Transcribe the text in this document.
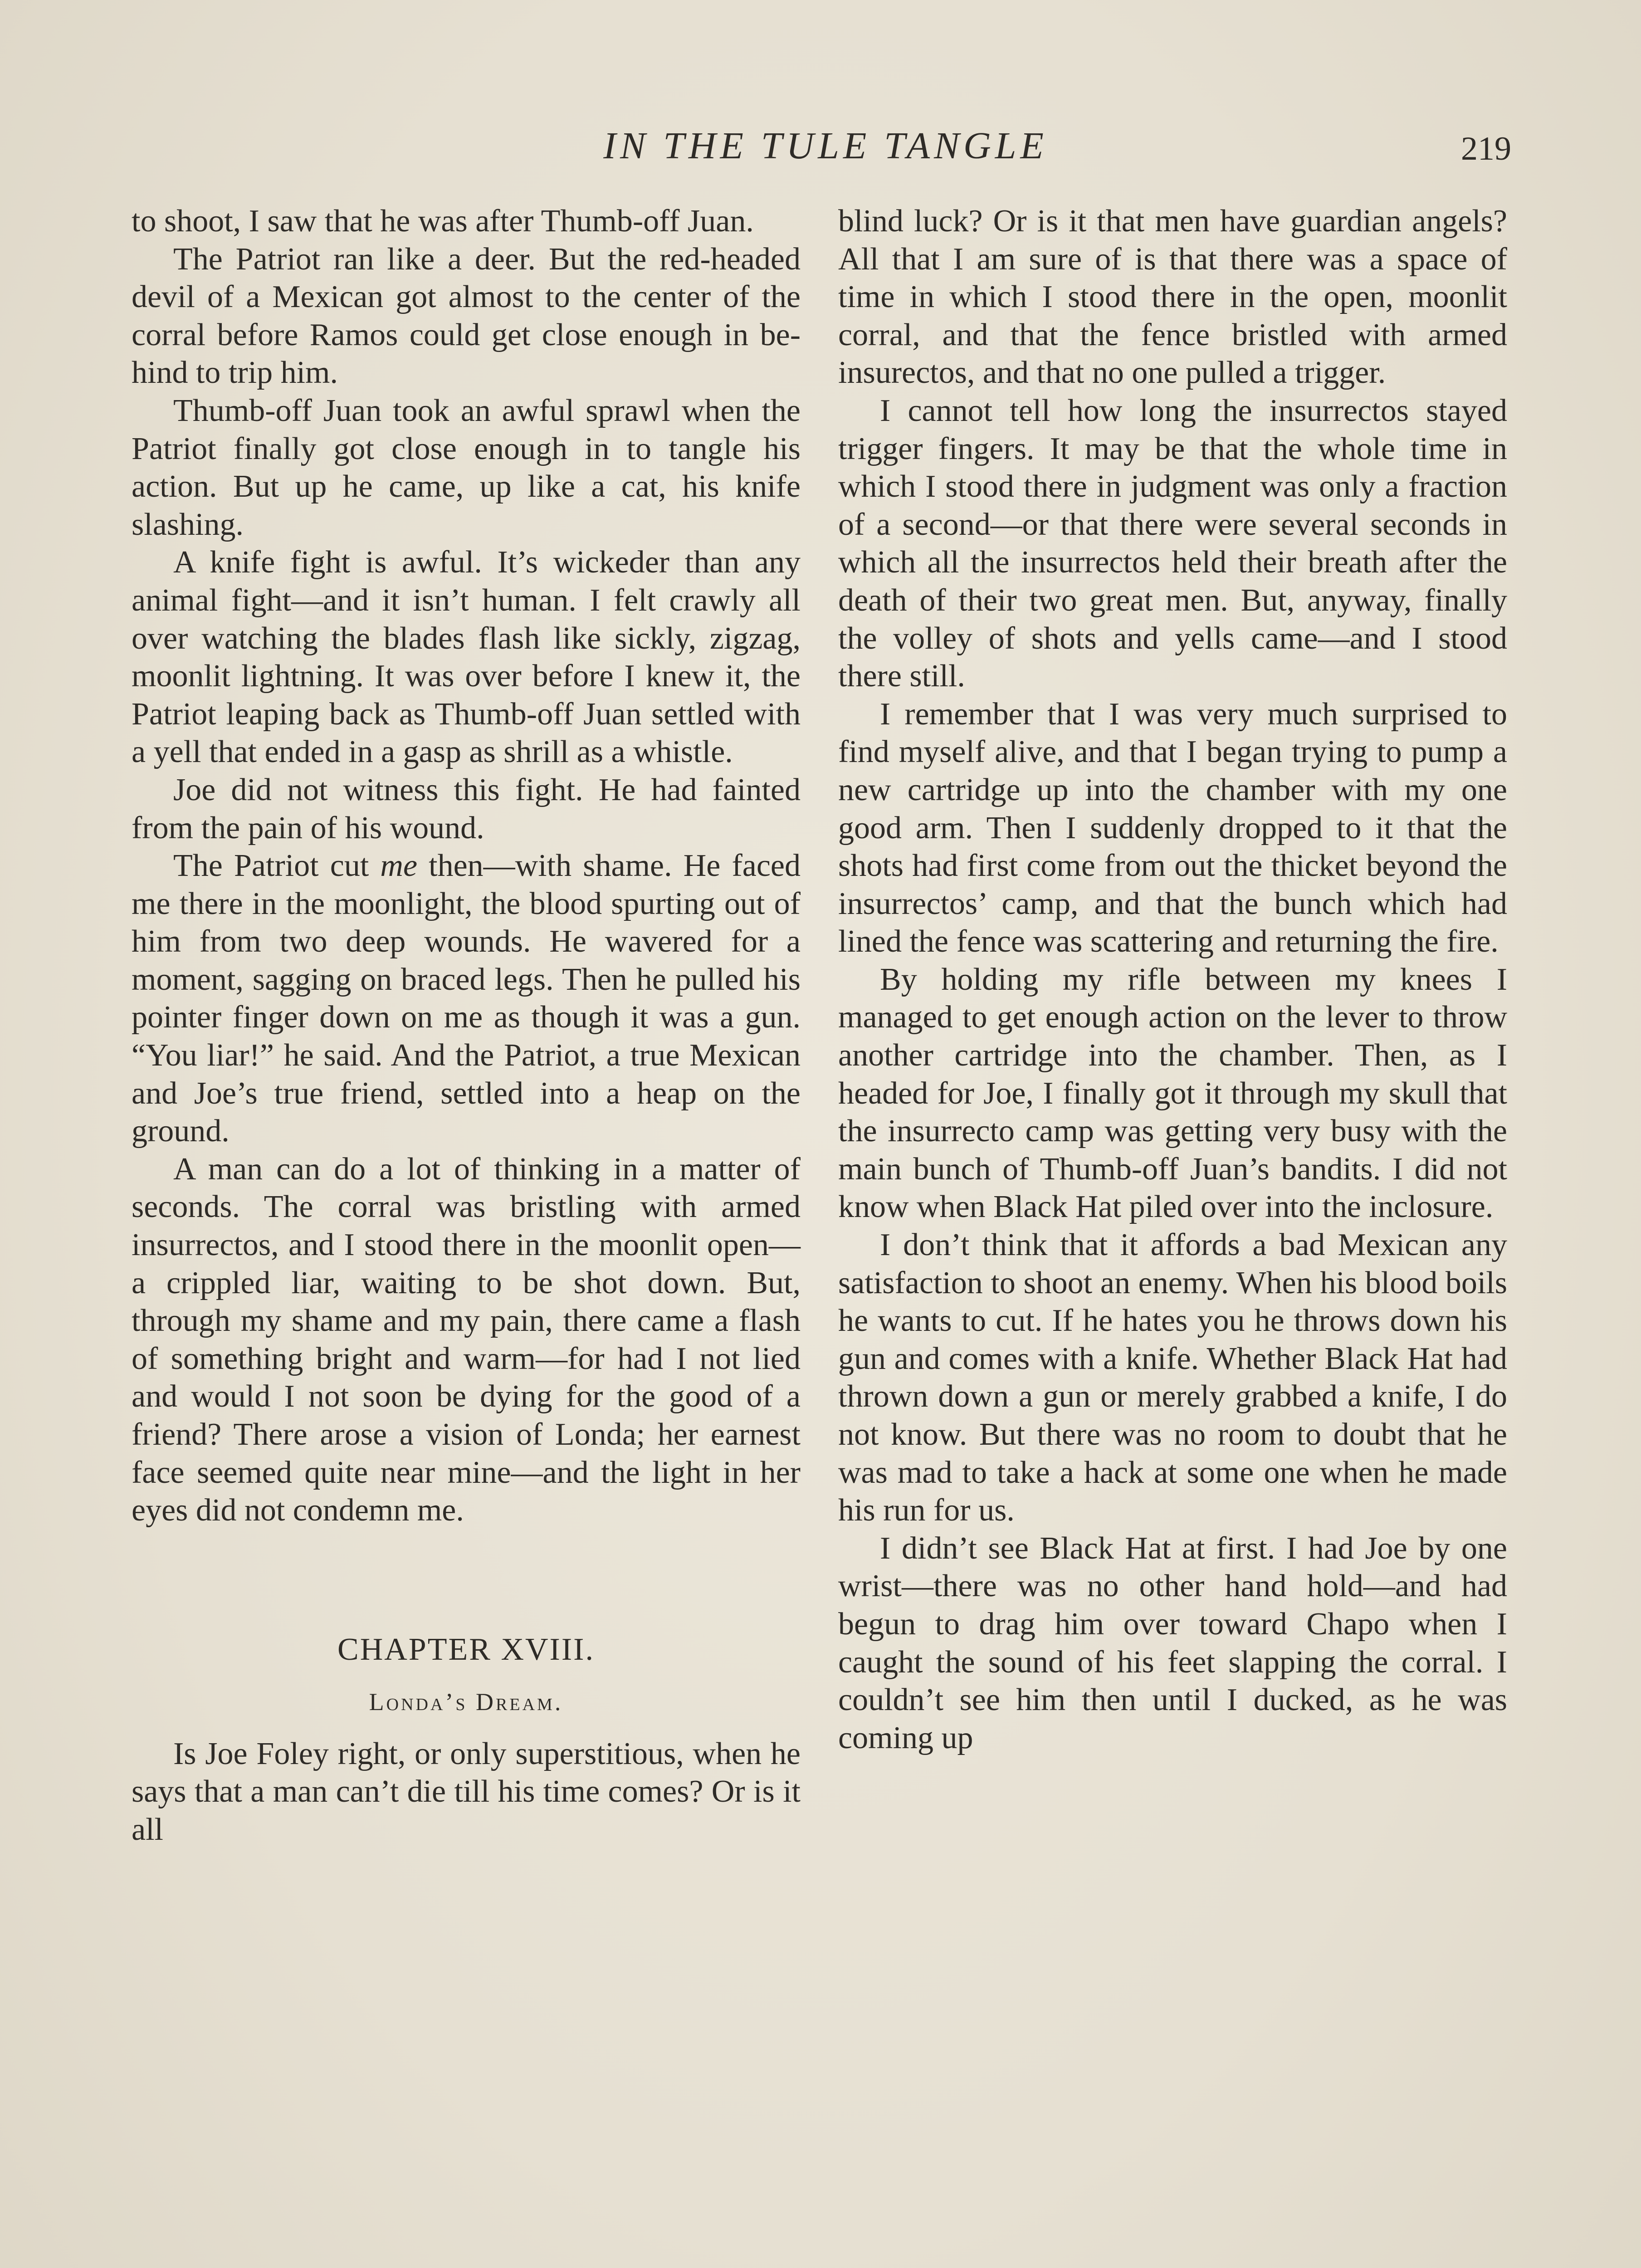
IN THE TULE TANGLE	219

to shoot, I saw that he was after Thumb-off Juan.

The Patriot ran like a deer. But the red-headed devil of a Mexican got almost to the center of the corral before Ramos could get close enough in behind to trip him.

Thumb-off Juan took an awful sprawl when the Patriot finally got close enough in to tangle his action. But up he came, up like a cat, his knife slashing.

A knife fight is awful. It’s wickeder than any animal fight—and it isn’t human. I felt crawly all over watching the blades flash like sickly, zigzag, moonlit lightning. It was over before I knew it, the Patriot leaping back as Thumb-off Juan settled with a yell that ended in a gasp as shrill as a whistle.

Joe did not witness this fight. He had fainted from the pain of his wound.

The Patriot cut me then—with shame. He faced me there in the moonlight, the blood spurting out of him from two deep wounds. He wavered for a moment, sagging on braced legs. Then he pulled his pointer finger down on me as though it was a gun. “You liar!” he said. And the Patriot, a true Mexican and Joe’s true friend, settled into a heap on the ground.

A man can do a lot of thinking in a matter of seconds. The corral was bristling with armed insurrectos, and I stood there in the moonlit open—a crippled liar, waiting to be shot down. But, through my shame and my pain, there came a flash of something bright and warm—for had I not lied and would I not soon be dying for the good of a friend? There arose a vision of Londa; her earnest face seemed quite near mine—and the light in her eyes did not condemn me.

CHAPTER XVIII.
Londa’s Dream.

Is Joe Foley right, or only superstitious, when he says that a man can’t die till his time comes? Or is it all

blind luck? Or is it that men have guardian angels? All that I am sure of is that there was a space of time in which I stood there in the open, moonlit corral, and that the fence bristled with armed insurectos, and that no one pulled a trigger.

I cannot tell how long the insurrectos stayed trigger fingers. It may be that the whole time in which I stood there in judgment was only a fraction of a second—or that there were several seconds in which all the insurrectos held their breath after the death of their two great men. But, anyway, finally the volley of shots and yells came—and I stood there still.

I remember that I was very much surprised to find myself alive, and that I began trying to pump a new cartridge up into the chamber with my one good arm. Then I suddenly dropped to it that the shots had first come from out the thicket beyond the insurrectos’ camp, and that the bunch which had lined the fence was scattering and returning the fire.

By holding my rifle between my knees I managed to get enough action on the lever to throw another cartridge into the chamber. Then, as I headed for Joe, I finally got it through my skull that the insurrecto camp was getting very busy with the main bunch of Thumb-off Juan’s bandits. I did not know when Black Hat piled over into the inclosure.

I don’t think that it affords a bad Mexican any satisfaction to shoot an enemy. When his blood boils he wants to cut. If he hates you he throws down his gun and comes with a knife. Whether Black Hat had thrown down a gun or merely grabbed a knife, I do not know. But there was no room to doubt that he was mad to take a hack at some one when he made his run for us.

I didn’t see Black Hat at first. I had Joe by one wrist—there was no other hand hold—and had begun to drag him over toward Chapo when I caught the sound of his feet slapping the corral. I couldn’t see him then until I ducked, as he was coming up
